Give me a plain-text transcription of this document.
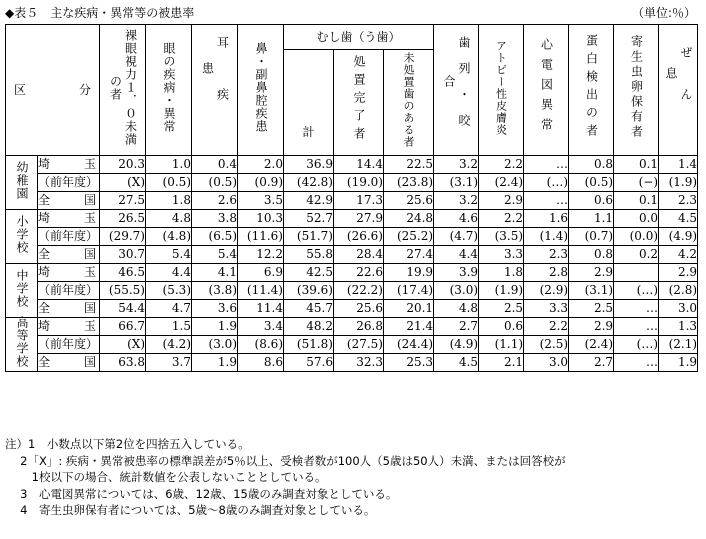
◆表５　主な疾病・異常等の被患率	（単位:％）
区 分		裸眼視力１．０未満の者	眼の疾病・異常	耳疾患	鼻・副鼻腔疾患	むし歯（う歯）			歯列・咬合	アトピー性皮膚炎	心電図異常	蛋白検出の者	寄生虫卵保有者	ぜん息

						計	処置完了者	未処置歯のある者						
幼稚園	埼 玉	20.3	1.0	0.4	2.0	36.9	14.4	22.5	3.2	2.2	…	0.8	0.1	1.4

	（前年度）	(X)	(0.5)	(0.5)	(0.9)	(42.8)	(19.0)	(23.8)	(3.1)	(2.4)	(…)	(0.5)	(−)	(1.9)

	全 国	27.5	1.8	2.6	3.5	42.9	17.3	25.6	3.2	2.9	…	0.6	0.1	2.3
小学校	埼 玉	26.5	4.8	3.8	10.3	52.7	27.9	24.8	4.6	2.2	1.6	1.1	0.0	4.5

	（前年度）	(29.7)	(4.8)	(6.5)	(11.6)	(51.7)	(26.6)	(25.2)	(4.7)	(3.5)	(1.4)	(0.7)	(0.0)	(4.9)

	全 国	30.7	5.4	5.4	12.2	55.8	28.4	27.4	4.4	3.3	2.3	0.8	0.2	4.2
中学校	埼 玉	46.5	4.4	4.1	6.9	42.5	22.6	19.9	3.9	1.8	2.8	2.9		2.9

	（前年度）	(55.5)	(5.3)	(3.8)	(11.4)	(39.6)	(22.2)	(17.4)	(3.0)	(1.9)	(2.9)	(3.1)	(…)	(2.8)

	全 国	54.4	4.7	3.6	11.4	45.7	25.6	20.1	4.8	2.5	3.3	2.5	…	3.0
高等学校	埼 玉	66.7	1.5	1.9	3.4	48.2	26.8	21.4	2.7	0.6	2.2	2.9	…	1.3

	（前年度）	(X)	(4.2)	(3.0)	(8.6)	(51.8)	(27.5)	(24.4)	(4.9)	(1.1)	(2.5)	(2.4)	(…)	(2.1)

	全 国	63.8	3.7	1.9	8.6	57.6	32.3	25.3	4.5	2.1	3.0	2.7	…	1.9
注）1　小数点以下第2位を四捨五入している。
　 2「X」: 疾病・異常被患率の標準誤差が5％以上、受検者数が100人（5歳は50人）未満、または回答校が
　　 1校以下の場合、統計数値を公表しないこととしている。
　 3　心電図異常については、6歳、12歳、15歳のみ調査対象としている。
　 4　寄生虫卵保有者については、5歳〜8歳のみ調査対象としている。
